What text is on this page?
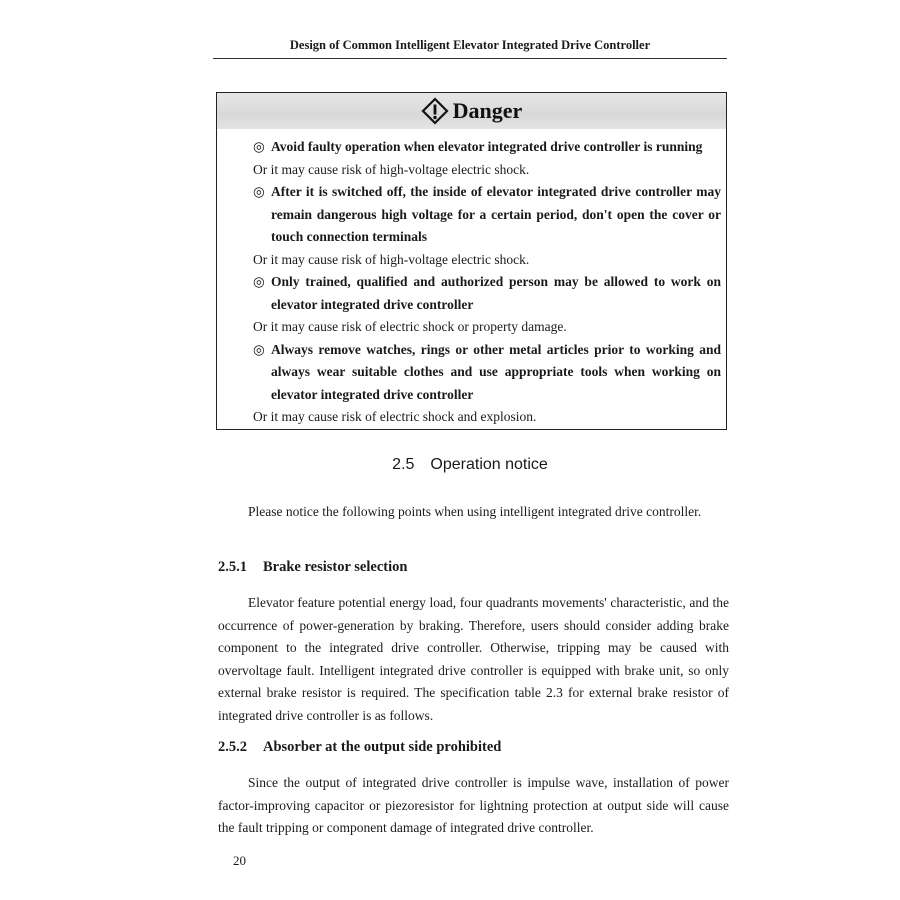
Design of Common Intelligent Elevator Integrated Drive Controller
Danger
◎ Avoid faulty operation when elevator integrated drive controller is running
Or it may cause risk of high-voltage electric shock.
◎ After it is switched off, the inside of elevator integrated drive controller may remain dangerous high voltage for a certain period, don't open the cover or touch connection terminals
Or it may cause risk of high-voltage electric shock.
◎ Only trained, qualified and authorized person may be allowed to work on elevator integrated drive controller
Or it may cause risk of electric shock or property damage.
◎ Always remove watches, rings or other metal articles prior to working and always wear suitable clothes and use appropriate tools when working on elevator integrated drive controller
Or it may cause risk of electric shock and explosion.
2.5 Operation notice
Please notice the following points when using intelligent integrated drive controller.
2.5.1 Brake resistor selection
Elevator feature potential energy load, four quadrants movements' characteristic, and the occurrence of power-generation by braking. Therefore, users should consider adding brake component to the integrated drive controller. Otherwise, tripping may be caused with overvoltage fault. Intelligent integrated drive controller is equipped with brake unit, so only external brake resistor is required. The specification table 2.3 for external brake resistor of integrated drive controller is as follows.
2.5.2 Absorber at the output side prohibited
Since the output of integrated drive controller is impulse wave, installation of power factor-improving capacitor or piezoresistor for lightning protection at output side will cause the fault tripping or component damage of integrated drive controller.
20
